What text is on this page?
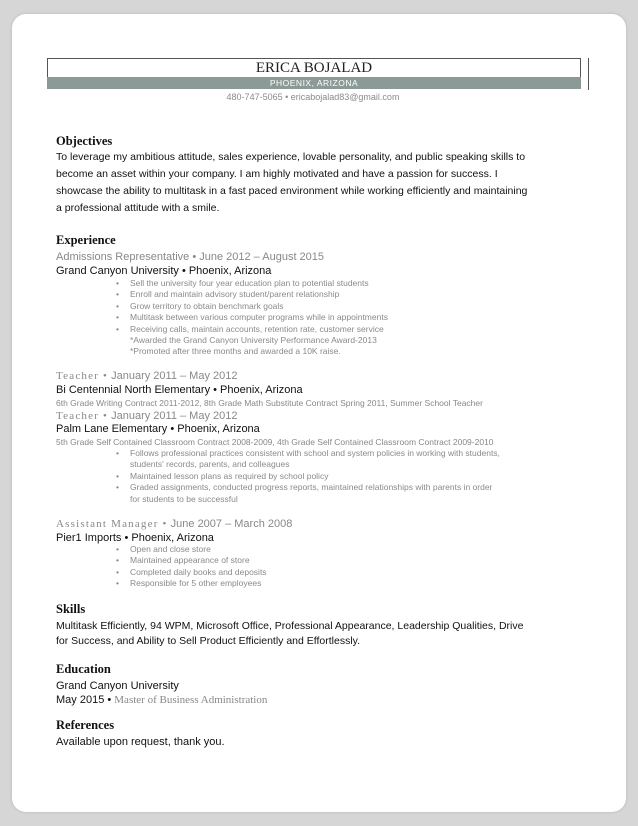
ERICA BOJALAD
PHOENIX, ARIZONA
480-747-5065 • ericabojalad83@gmail.com
Objectives
To leverage my ambitious attitude, sales experience, lovable personality, and public speaking skills to
become an asset within your company. I am highly motivated and have a passion for success. I
showcase the ability to multitask in a fast paced environment while working efficiently and maintaining
a professional attitude with a smile.
Experience
Admissions Representative • June 2012 – August 2015
Grand Canyon University • Phoenix, Arizona
• Sell the university four year education plan to potential students
• Enroll and maintain advisory student/parent relationship
• Grow territory to obtain benchmark goals
• Multitask between various computer programs while in appointments
• Receiving calls, maintain accounts, retention rate, customer service
*Awarded the Grand Canyon University Performance Award-2013
*Promoted after three months and awarded a 10K raise.
Teacher • January 2011 – May 2012
Bi Centennial North Elementary • Phoenix, Arizona
6th Grade Writing Contract 2011-2012, 8th Grade Math Substitute Contract Spring 2011, Summer School Teacher
Teacher • January 2011 – May 2012
Palm Lane Elementary • Phoenix, Arizona
5th Grade Self Contained Classroom Contract 2008-2009, 4th Grade Self Contained Classroom Contract 2009-2010
• Follows professional practices consistent with school and system policies in working with students,
students' records, parents, and colleagues
• Maintained lesson plans as required by school policy
• Graded assignments, conducted progress reports, maintained relationships with parents in order
for students to be successful
Assistant Manager • June 2007 – March 2008
Pier1 Imports • Phoenix, Arizona
• Open and close store
• Maintained appearance of store
• Completed daily books and deposits
• Responsible for 5 other employees
Skills
Multitask Efficiently, 94 WPM, Microsoft Office, Professional Appearance, Leadership Qualities, Drive
for Success, and Ability to Sell Product Efficiently and Effortlessly.
Education
Grand Canyon University
May 2015 • Master of Business Administration
References
Available upon request, thank you.
